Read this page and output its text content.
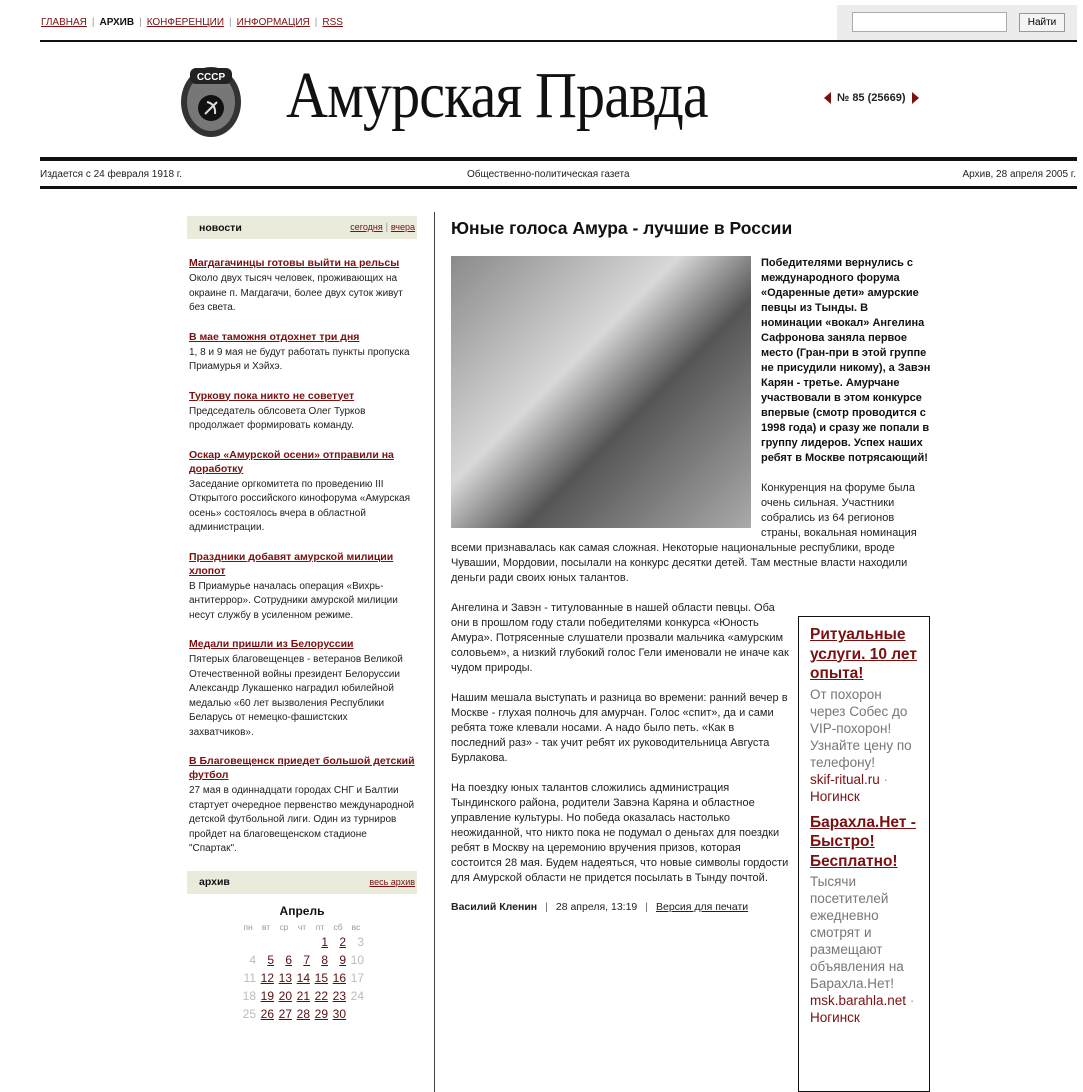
ГЛАВНАЯ | АРХИВ | КОНФЕРЕНЦИИ | ИНФОРМАЦИЯ | RSS	Найти
СССР Амурская Правда	№ 85 (25669)
Издается с 24 февраля 1918 г.	Общественно-политическая газета	Архив, 28 апреля 2005 г.
новости	сегодня | вчера
Магдагачинцы готовы выйти на рельсы

Около двух тысяч человек, проживающих на окраине п. Магдагачи, более двух суток живут без света.

В мае таможня отдохнет три дня

1, 8 и 9 мая не будут работать пункты пропуска Приамурья и Хэйхэ.

Туркову пока никто не советует

Председатель облсовета Олег Турков продолжает формировать команду.

Оскар «Амурской осени» отправили на доработку

Заседание оргкомитета по проведению III Открытого российского кинофорума «Амурская осень» состоялось вчера в областной администрации.

Праздники добавят амурской милиции хлопот

В Приамурье началась операция «Вихрь-антитеррор». Сотрудники амурской милиции несут службу в усиленном режиме.

Медали пришли из Белоруссии

Пятерых благовещенцев - ветеранов Великой Отечественной войны президент Белоруссии Александр Лукашенко наградил юбилейной медалью «60 лет вызволения Республики Беларусь от немецко-фашистских захватчиков».

В Благовещенск приедет большой детский футбол

27 мая в одиннадцати городах СНГ и Балтии стартует очередное первенство международной детской футбольной лиги. Один из турниров пройдет на благовещенском стадионе "Спартак".

архив	весь архив
Апрель
пн	вт	ср	чт	пт	сб	вс
				1	2	3
4	5	6	7	8	9	10
11	12	13	14	15	16	17
18	19	20	21	22	23	24
25	26	27	28	29	30	
Юные голоса Амура - лучшие в России
Победителями вернулись с международного форума «Одаренные дети» амурские певцы из Тынды. В номинации «вокал» Ангелина Сафронова заняла первое место (Гран-при в этой группе не присудили никому), а Завэн Карян - третье. Амурчане участвовали в этом конкурсе впервые (смотр проводится с 1998 года) и сразу же попали в группу лидеров. Успех наших ребят в Москве потрясающий!
Конкуренция на форуме была очень сильная. Участники собрались из 64 регионов страны, вокальная номинация всеми признавалась как самая сложная. Некоторые национальные республики, вроде Чувашии, Мордовии, посылали на конкурс десятки детей. Там местные власти находили деньги ради своих юных талантов.
Ангелина и Завэн - титулованные в нашей области певцы. Оба они в прошлом году стали победителями конкурса «Юность Амура». Потрясенные слушатели прозвали мальчика «амурским соловьем», а низкий глубокий голос Гели именовали не иначе как чудом природы.
Нашим мешала выступать и разница во времени: ранний вечер в Москве - глухая полночь для амурчан. Голос «спит», да и сами ребята тоже клевали носами. А надо было петь. «Как в последний раз» - так учит ребят их руководительница Августа Бурлакова.
На поездку юных талантов сложились администрация Тындинского района, родители Завэна Каряна и областное управление культуры. Но победа оказалась настолько неожиданной, что никто пока не подумал о деньгах для поездки ребят в Москву на церемонию вручения призов, которая состоится 28 мая. Будем надеяться, что новые символы гордости для Амурской области не придется посылать в Тынду почтой.
Василий Кленин | 28 апреля, 13:19 | Версия для печати
Ритуальные услуги. 10 лет опыта!
От похорон через Собес до VIP-похорон! Узнайте цену по телефону!
skif-ritual.ru ·
Ногинск
Барахла.Нет - Быстро! Бесплатно!
Тысячи посетителей ежедневно смотрят и размещают объявления на Барахла.Нет!
msk.barahla.net ·
Ногинск
